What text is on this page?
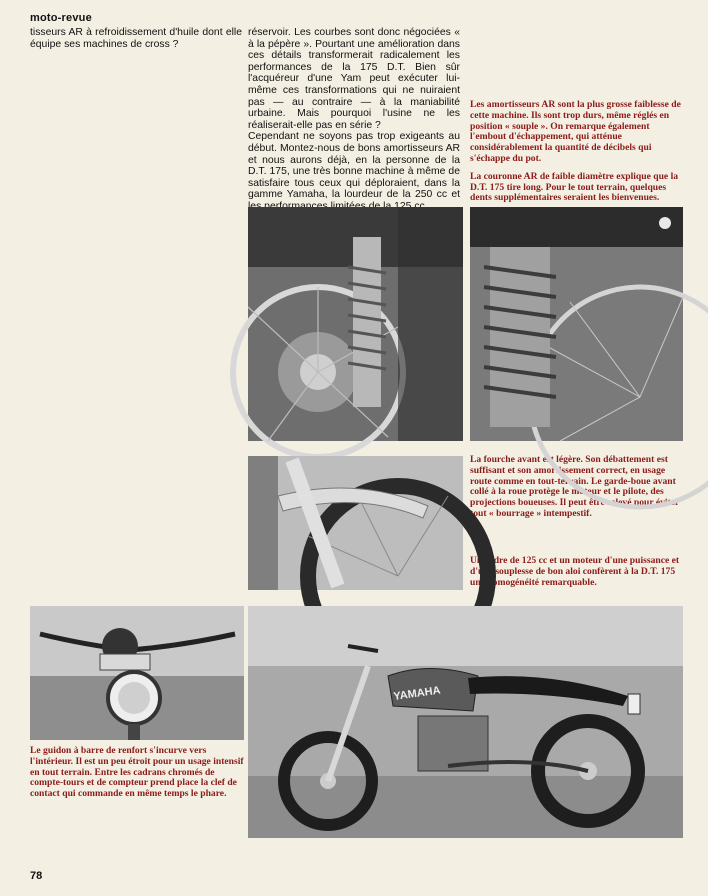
moto-revue

tisseurs AR à refroidissement d'huile dont elle équipe ses machines de cross ?

réservoir. Les courbes sont donc négociées « à la pépère ». Pourtant une amélioration dans ces détails transformerait radicalement les performances de la 175 D.T. Bien sûr l'acquéreur d'une Yam peut exécuter lui-même ces transformations qui ne nuiraient pas — au contraire — à la maniabilité urbaine. Mais pourquoi l'usine ne les réaliserait-elle pas en série ?

Cependant ne soyons pas trop exigeants au début. Montez-nous de bons amortisseurs AR et nous aurons déjà, en la personne de la D.T. 175, une très bonne machine à même de satisfaire tous ceux qui déploraient, dans la gamme Yamaha, la lourdeur de la 250 cc et

Les amortisseurs AR sont la plus grosse faiblesse de cette machine. Ils sont trop durs, même réglés en position « souple ». On remarque également l'embout d'échappement, qui atténue considérablement la quantité de décibels qui s'échappe du pot.

La couronne AR de faible diamètre explique que la D.T. 175 tire long. Pour le tout terrain, quelques dents supplémentaires seraient les bienvenues.

La fourche avant est légère. Son débattement est suffisant et son amortissement correct, en usage route comme en tout-terrain. Le garde-boue avant collé à la roue protège le moteur et le pilote, des projections boueuses. Il peut être relevé pour éviter tout « bourrage » intempestif.

Un cadre de 125 cc et un moteur d'une puissance et d'une souplesse de bon aloi confèrent à la D.T. 175 une homogénéité remarquable.

Le guidon à barre de renfort s'incurve vers l'intérieur. Il est un peu étroit pour un usage intensif en tout terrain. Entre les cadrans chromés de compte-tours et de compteur prend place la clef de contact qui commande en même temps le phare.

YAMAHA
78
